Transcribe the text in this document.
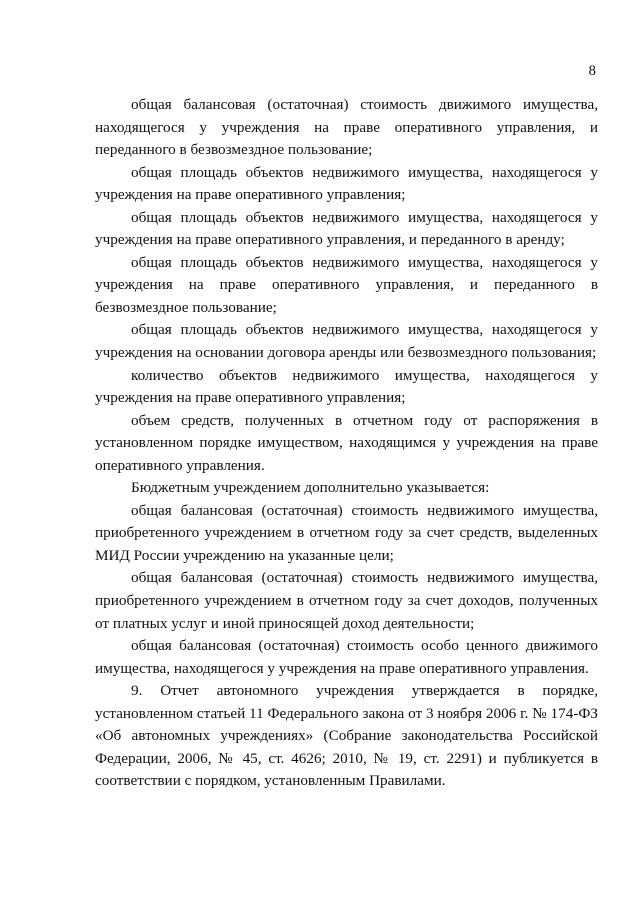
8

общая балансовая (остаточная) стоимость движимого имущества, находящегося у учреждения на праве оперативного управления, и переданного в безвозмездное пользование;

общая площадь объектов недвижимого имущества, находящегося у учреждения на праве оперативного управления;

общая площадь объектов недвижимого имущества, находящегося у учреждения на праве оперативного управления, и переданного в аренду;

общая площадь объектов недвижимого имущества, находящегося у учреждения на праве оперативного управления, и переданного в безвозмездное пользование;

общая площадь объектов недвижимого имущества, находящегося у учреждения на основании договора аренды или безвозмездного пользования;

количество объектов недвижимого имущества, находящегося у учреждения на праве оперативного управления;

объем средств, полученных в отчетном году от распоряжения в установленном порядке имуществом, находящимся у учреждения на праве оперативного управления.

Бюджетным учреждением дополнительно указывается:

общая балансовая (остаточная) стоимость недвижимого имущества, приобретенного учреждением в отчетном году за счет средств, выделенных МИД России учреждению на указанные цели;

общая балансовая (остаточная) стоимость недвижимого имущества, приобретенного учреждением в отчетном году за счет доходов, полученных от платных услуг и иной приносящей доход деятельности;

общая балансовая (остаточная) стоимость особо ценного движимого имущества, находящегося у учреждения на праве оперативного управления.

9. Отчет автономного учреждения утверждается в порядке, установленном статьей 11 Федерального закона от 3 ноября 2006 г. № 174-ФЗ «Об автономных учреждениях» (Собрание законодательства Российской Федерации, 2006, № 45, ст. 4626; 2010, № 19, ст. 2291) и публикуется в соответствии с порядком, установленным Правилами.
